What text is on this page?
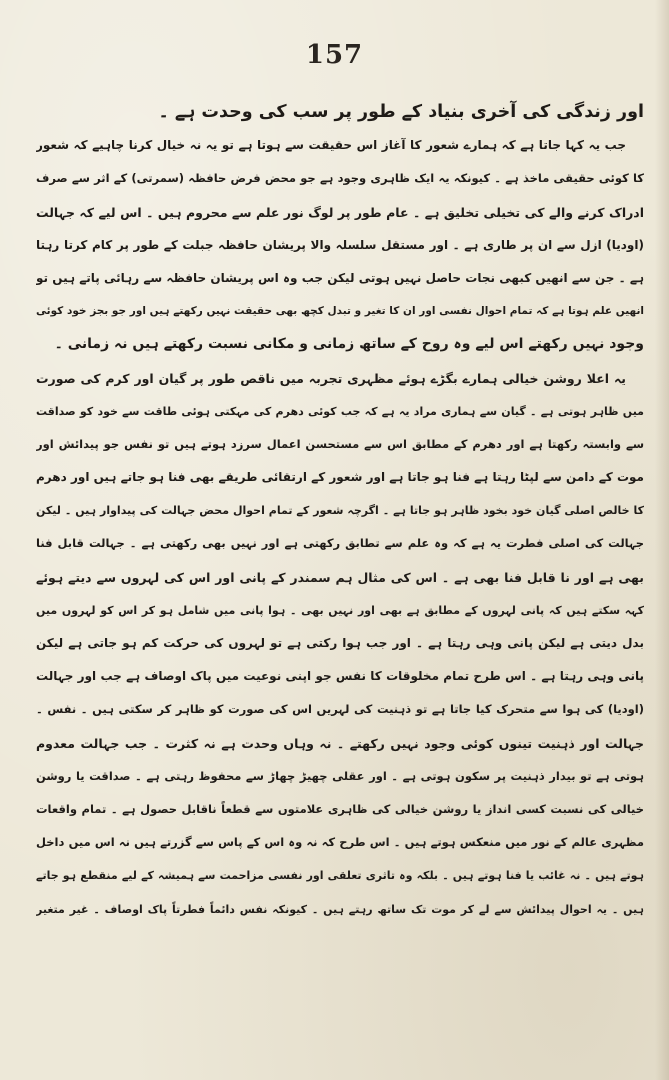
157
اور زندگی کی آخری بنیاد کے طور پر سب کی وحدت ہے ۔
جب یہ کہا جاتا ہے کہ ہمارے شعور کا آغاز اس حقیقت سے ہوتا ہے تو یہ نہ خیال کرنا چاہیے کہ شعور
کا کوئی حقیقی ماخذ ہے ۔ کیونکہ یہ ایک ظاہری وجود ہے جو محض فرض حافظہ (سمرتی) کے اثر سے صرف
ادراک کرنے والے کی تخیلی تخلیق ہے ۔ عام طور پر لوگ نور علم سے محروم ہیں ۔ اس لیے کہ جہالت
(اودیا) ازل سے ان پر طاری ہے ۔ اور مستقل سلسلہ والا پریشان حافظہ جبلت کے طور پر کام کرتا رہتا
ہے ۔ جن سے انھیں کبھی نجات حاصل نہیں ہوتی لیکن جب وہ اس پریشان حافظہ سے رہائی پاتے ہیں تو
انھیں علم ہوتا ہے کہ تمام احوال نفسی اور ان کا تغیر و تبدل کچھ بھی حقیقت نہیں رکھتے ہیں اور جو بجز خود کوئی
وجود نہیں رکھتے اس لیے وہ روح کے ساتھ زمانی و مکانی نسبت رکھتے ہیں نہ زمانی ۔
یہ اعلا روشن خیالی ہمارے بگڑے ہوئے مظہری تجربہ میں ناقص طور پر گیان اور کرم کی صورت
میں ظاہر ہوتی ہے ۔ گیان سے ہماری مراد یہ ہے کہ جب کوئی دھرم کی مہکتی ہوئی طاقت سے خود کو صداقت
سے وابستہ رکھتا ہے اور دھرم کے مطابق اس سے مستحسن اعمال سرزد ہوتے ہیں تو نفس جو پیدائش اور
موت کے دامن سے لپٹا رہتا ہے فنا ہو جاتا ہے اور شعور کے ارتقائی طریقے بھی فنا ہو جاتے ہیں اور دھرم
کا خالص اصلی گیان خود بخود ظاہر ہو جاتا ہے ۔ اگرچہ شعور کے تمام احوال محض جہالت کی پیداوار ہیں ۔ لیکن
جہالت کی اصلی فطرت یہ ہے کہ وہ علم سے تطابق رکھتی ہے اور نہیں بھی رکھتی ہے ۔ جہالت قابل فنا
بھی ہے اور نا قابل فنا بھی ہے ۔ اس کی مثال ہم سمندر کے پانی اور اس کی لہروں سے دیتے ہوئے
کہہ سکتے ہیں کہ پانی لہروں کے مطابق ہے بھی اور نہیں بھی ۔ ہوا پانی میں شامل ہو کر اس کو لہروں میں
بدل دیتی ہے لیکن پانی وہی رہتا ہے ۔ اور جب ہوا رکتی ہے تو لہروں کی حرکت کم ہو جاتی ہے لیکن
پانی وہی رہتا ہے ۔ اس طرح تمام مخلوقات کا نفس جو اپنی نوعیت میں پاک اوصاف ہے جب اور جہالت
(اودیا) کی ہوا سے متحرک کیا جاتا ہے تو ذہنیت کی لہریں اس کی صورت کو ظاہر کر سکتی ہیں ۔ نفس ۔
جہالت اور ذہنیت تینوں کوئی وجود نہیں رکھتے ۔ نہ وہاں وحدت ہے نہ کثرت ۔ جب جہالت معدوم
ہوتی ہے تو بیدار ذہنیت پر سکون ہوتی ہے ۔ اور عقلی چھیڑ چھاڑ سے محفوظ رہتی ہے ۔ صداقت یا روشن
خیالی کی نسبت کسی انداز یا روشن خیالی کی ظاہری علامتوں سے قطعاً ناقابل حصول ہے ۔ تمام واقعات
مظہری عالم کے نور میں منعکس ہوتے ہیں ۔ اس طرح کہ نہ وہ اس کے پاس سے گزرتے ہیں نہ اس میں داخل
ہوتے ہیں ۔ نہ غائب یا فنا ہوتے ہیں ۔ بلکہ وہ تاثری تعلقی اور نفسی مزاحمت سے ہمیشہ کے لیے منقطع ہو جاتے
ہیں ۔ یہ احوال پیدائش سے لے کر موت تک ساتھ رہتے ہیں ۔ کیونکہ نفس دائماً فطرتاً پاک اوصاف ۔ غیر متغیر
